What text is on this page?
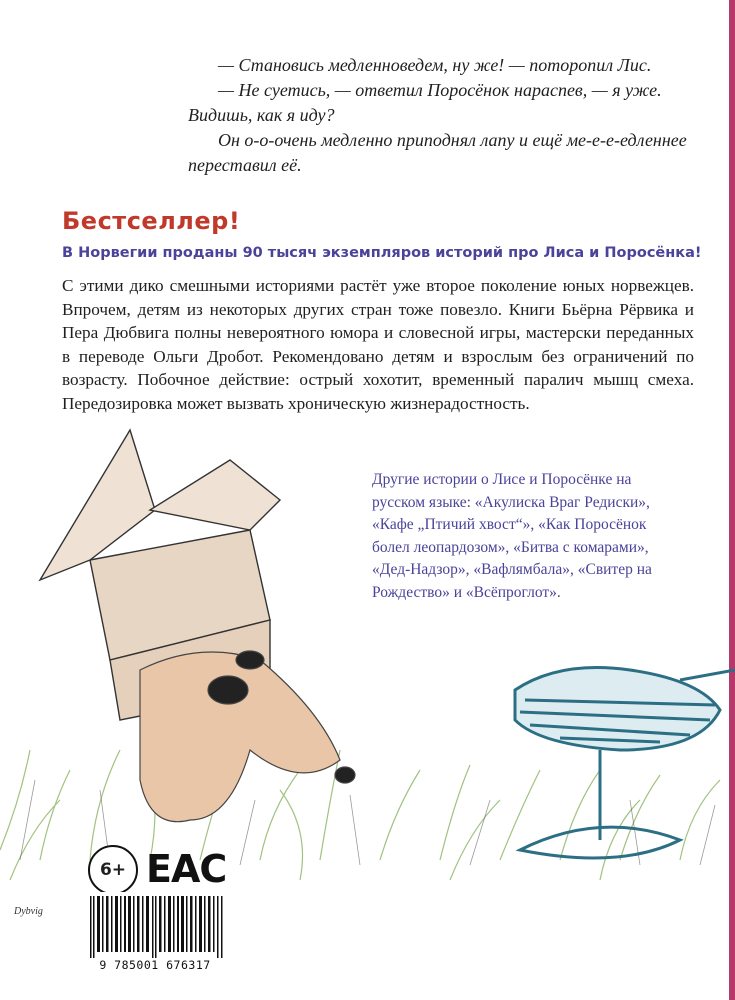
— Становись медленноведем, ну же! — поторопил Лис.

— Не суетись, — ответил Поросёнок нараспев, — я уже. Видишь, как я иду?

Он о-о-очень медленно приподнял лапу и ещё ме-е-е-едленнее переставил её.

Бестселлер!
В Норвегии проданы 90 тысяч экземпляров историй про Лиса и Поросёнка!

С этими дико смешными историями растёт уже второе поколение юных норвежцев. Впрочем, детям из некоторых других стран тоже повезло. Книги Бьёрна Рёрвика и Пера Дюбвига полны невероятного юмора и словесной игры, мастерски переданных в переводе Ольги Дробот. Рекомендовано детям и взрослым без ограничений по возрасту. Побочное действие: острый хохотит, временный паралич мышц смеха. Передозировка может вызвать хроническую жизнерадостность.

Другие истории о Лисе и Поросёнке на русском языке: «Акулиска Враг Редиски», «Кафе „Птичий хвост“», «Как Поросёнок болел леопардозом», «Битва с комарами», «Дед-Надзор», «Вафлямбала», «Свитер на Рождество» и «Всёпроглот».

6+ EAC
Dybvig
9 785001 676317
